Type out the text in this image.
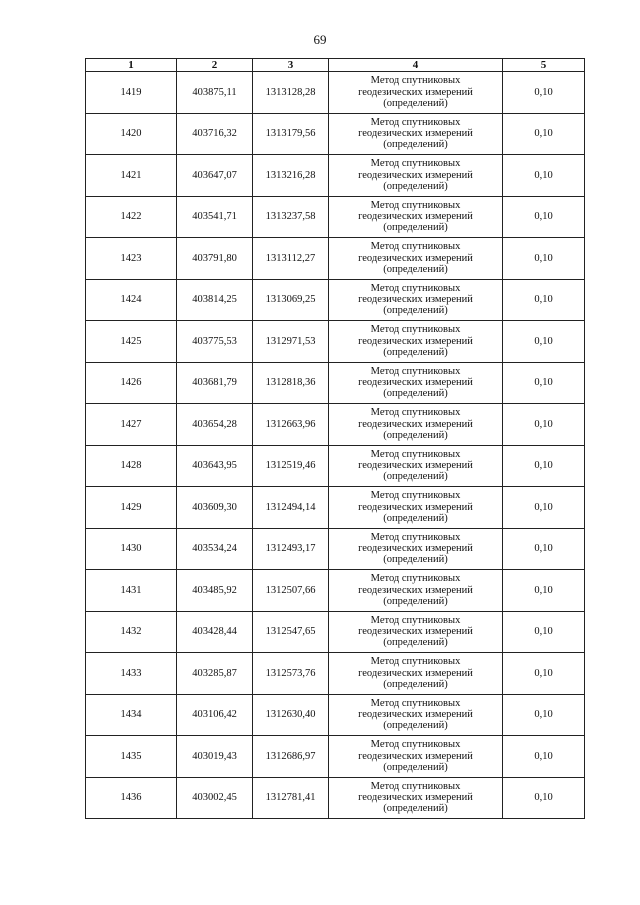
69
1	2	3	4	5
1419	403875,11	1313128,28	Метод спутниковых
геодезических измерений
(определений)	0,10
1420	403716,32	1313179,56	Метод спутниковых
геодезических измерений
(определений)	0,10
1421	403647,07	1313216,28	Метод спутниковых
геодезических измерений
(определений)	0,10
1422	403541,71	1313237,58	Метод спутниковых
геодезических измерений
(определений)	0,10
1423	403791,80	1313112,27	Метод спутниковых
геодезических измерений
(определений)	0,10
1424	403814,25	1313069,25	Метод спутниковых
геодезических измерений
(определений)	0,10
1425	403775,53	1312971,53	Метод спутниковых
геодезических измерений
(определений)	0,10
1426	403681,79	1312818,36	Метод спутниковых
геодезических измерений
(определений)	0,10
1427	403654,28	1312663,96	Метод спутниковых
геодезических измерений
(определений)	0,10
1428	403643,95	1312519,46	Метод спутниковых
геодезических измерений
(определений)	0,10
1429	403609,30	1312494,14	Метод спутниковых
геодезических измерений
(определений)	0,10
1430	403534,24	1312493,17	Метод спутниковых
геодезических измерений
(определений)	0,10
1431	403485,92	1312507,66	Метод спутниковых
геодезических измерений
(определений)	0,10
1432	403428,44	1312547,65	Метод спутниковых
геодезических измерений
(определений)	0,10
1433	403285,87	1312573,76	Метод спутниковых
геодезических измерений
(определений)	0,10
1434	403106,42	1312630,40	Метод спутниковых
геодезических измерений
(определений)	0,10
1435	403019,43	1312686,97	Метод спутниковых
геодезических измерений
(определений)	0,10
1436	403002,45	1312781,41	Метод спутниковых
геодезических измерений
(определений)	0,10
